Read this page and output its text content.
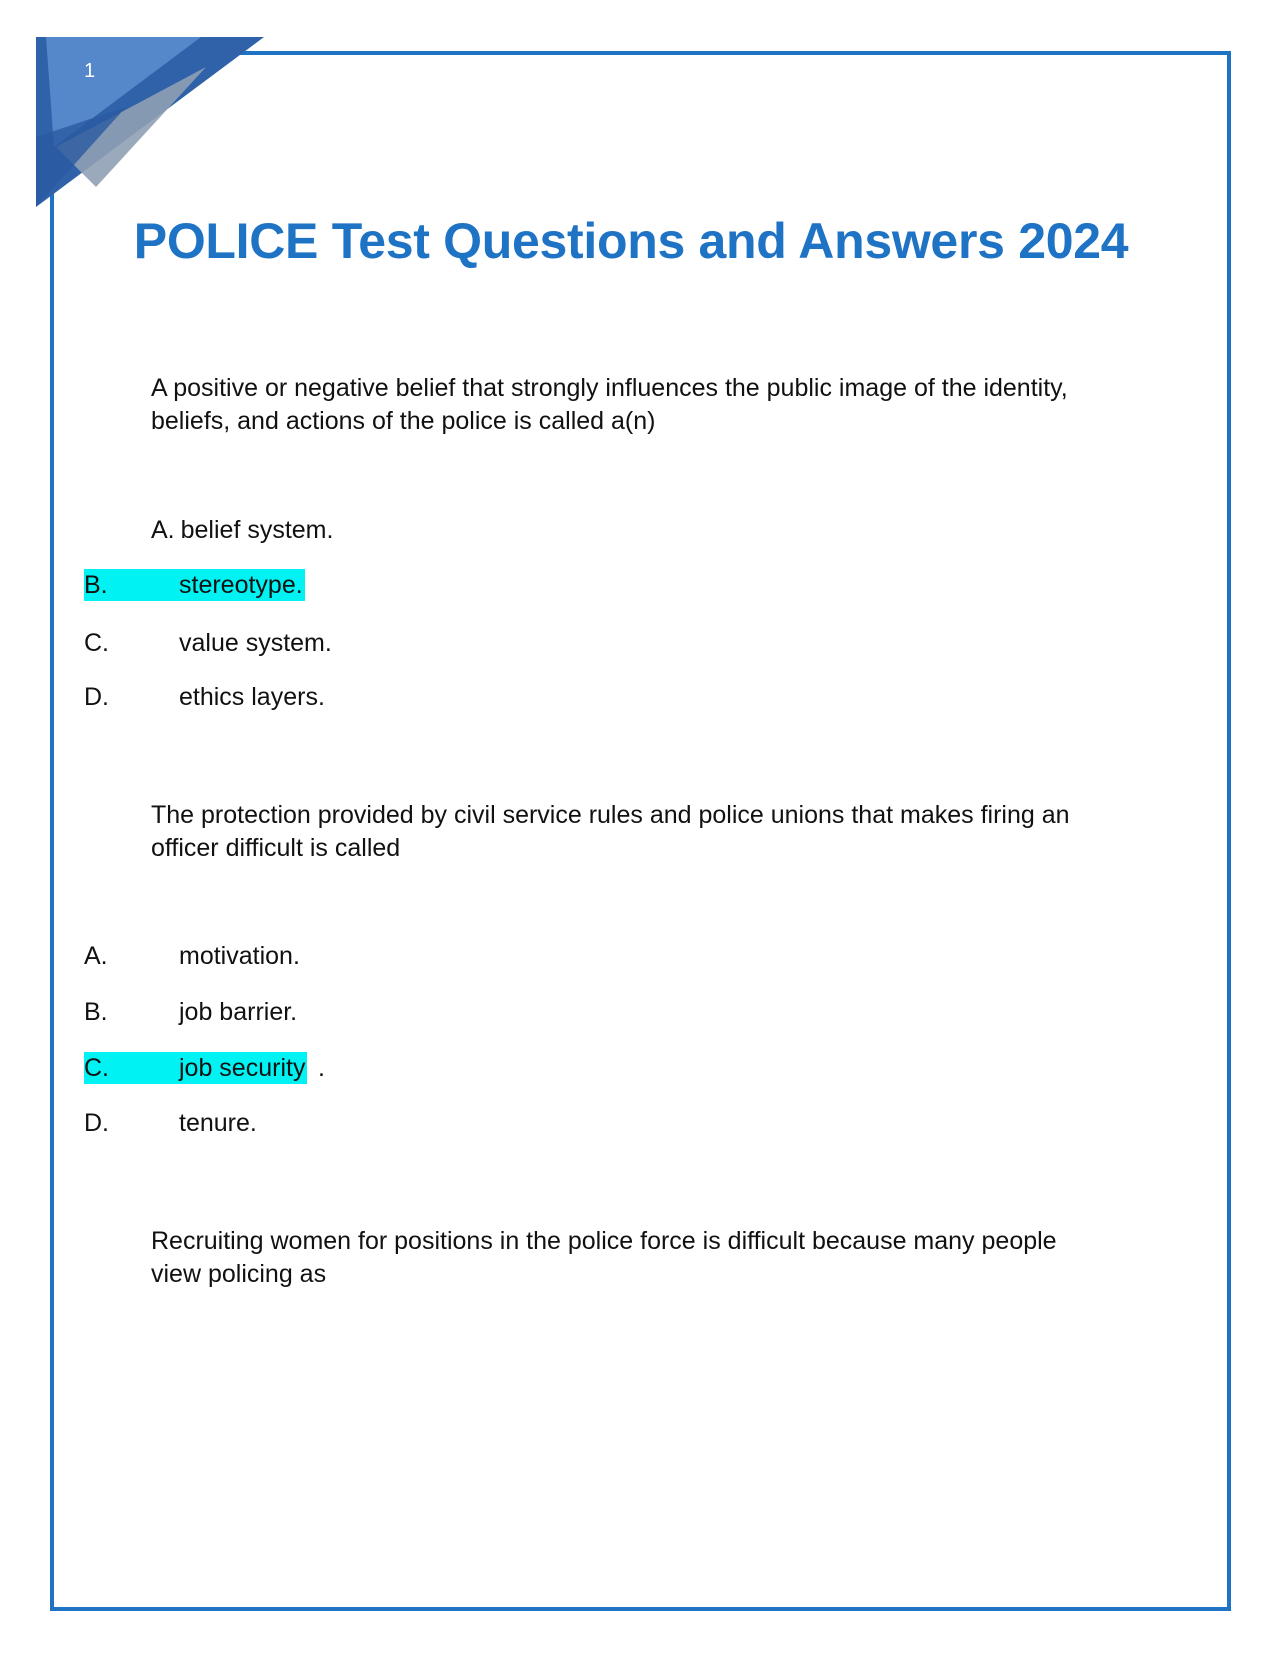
1
POLICE Test Questions and Answers 2024
A positive or negative belief that strongly influences the public image of the identity, beliefs, and actions of the police is called a(n)
A. belief system.
B.	stereotype.
C.	value system.
D.	ethics layers.
The protection provided by civil service rules and police unions that makes firing an officer difficult is called
A.	motivation.
B.	job barrier.
C.	job security .
D.	tenure.
Recruiting women for positions in the police force is difficult because many people view policing as
